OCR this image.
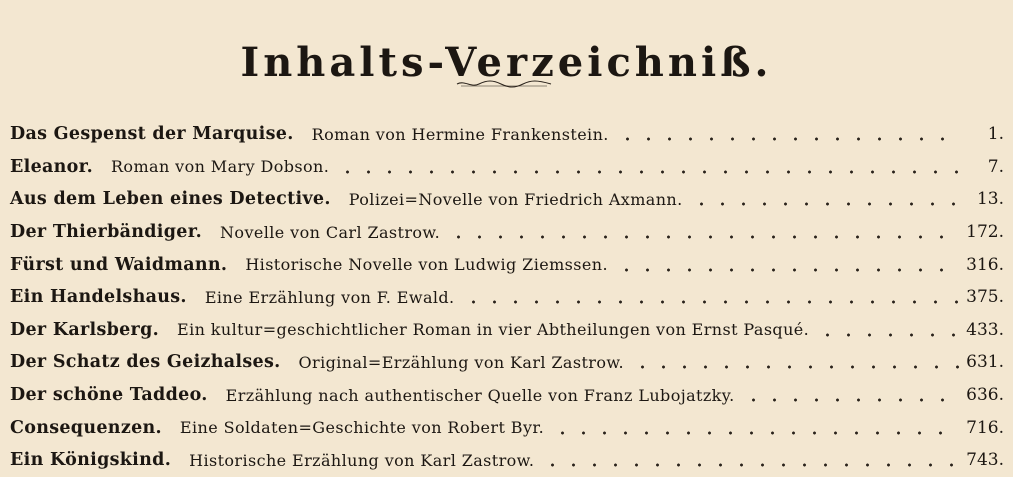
Inhalts-Verzeichniß.
Das Gespenst der Marquise. Roman von Hermine Frankenstein.	1.
Eleanor. Roman von Mary Dobson.	7.
Aus dem Leben eines Detective. Polizei=Novelle von Friedrich Axmann.	13.
Der Thierbändiger. Novelle von Carl Zastrow.	172.
Fürst und Waidmann. Historische Novelle von Ludwig Ziemssen.	316.
Ein Handelshaus. Eine Erzählung von F. Ewald.	375.
Der Karlsberg. Ein kultur=geschichtlicher Roman in vier Abtheilungen von Ernst Pasqué.	433.
Der Schatz des Geizhalses. Original=Erzählung von Karl Zastrow.	631.
Der schöne Taddeo. Erzählung nach authentischer Quelle von Franz Lubojatzky.	636.
Consequenzen. Eine Soldaten=Geschichte von Robert Byr.	716.
Ein Königskind. Historische Erzählung von Karl Zastrow.	743.
